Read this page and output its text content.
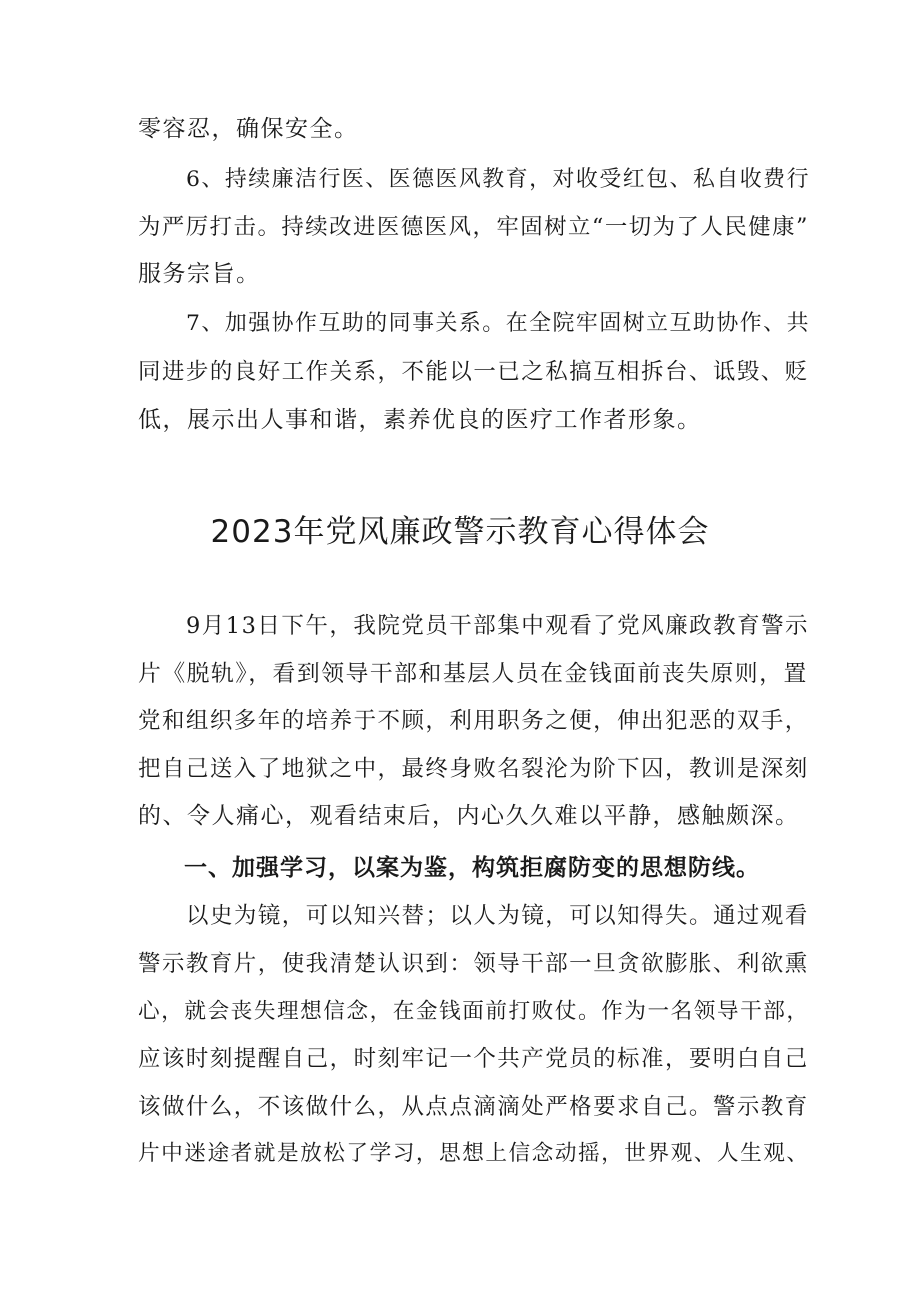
零容忍，确保安全。
6、持续廉洁行医、医德医风教育，对收受红包、私自收费行
为严厉打击。持续改进医德医风，牢固树立“一切为了人民健康”
服务宗旨。
7、加强协作互助的同事关系。在全院牢固树立互助协作、共
同进步的良好工作关系，不能以一已之私搞互相拆台、诋毁、贬
低，展示出人事和谐，素养优良的医疗工作者形象。
2023年党风廉政警示教育心得体会
9月13日下午，我院党员干部集中观看了党风廉政教育警示
片《脱轨》，看到领导干部和基层人员在金钱面前丧失原则，置
党和组织多年的培养于不顾，利用职务之便，伸出犯恶的双手，
把自己送入了地狱之中，最终身败名裂沦为阶下囚，教训是深刻
的、令人痛心，观看结束后，内心久久难以平静，感触颇深。
一、加强学习，以案为鉴，构筑拒腐防变的思想防线。
以史为镜，可以知兴替；以人为镜，可以知得失。通过观看
警示教育片，使我清楚认识到：领导干部一旦贪欲膨胀、利欲熏
心，就会丧失理想信念，在金钱面前打败仗。作为一名领导干部，
应该时刻提醒自己，时刻牢记一个共产党员的标准，要明白自己
该做什么，不该做什么，从点点滴滴处严格要求自己。警示教育
片中迷途者就是放松了学习，思想上信念动摇，世界观、人生观、
